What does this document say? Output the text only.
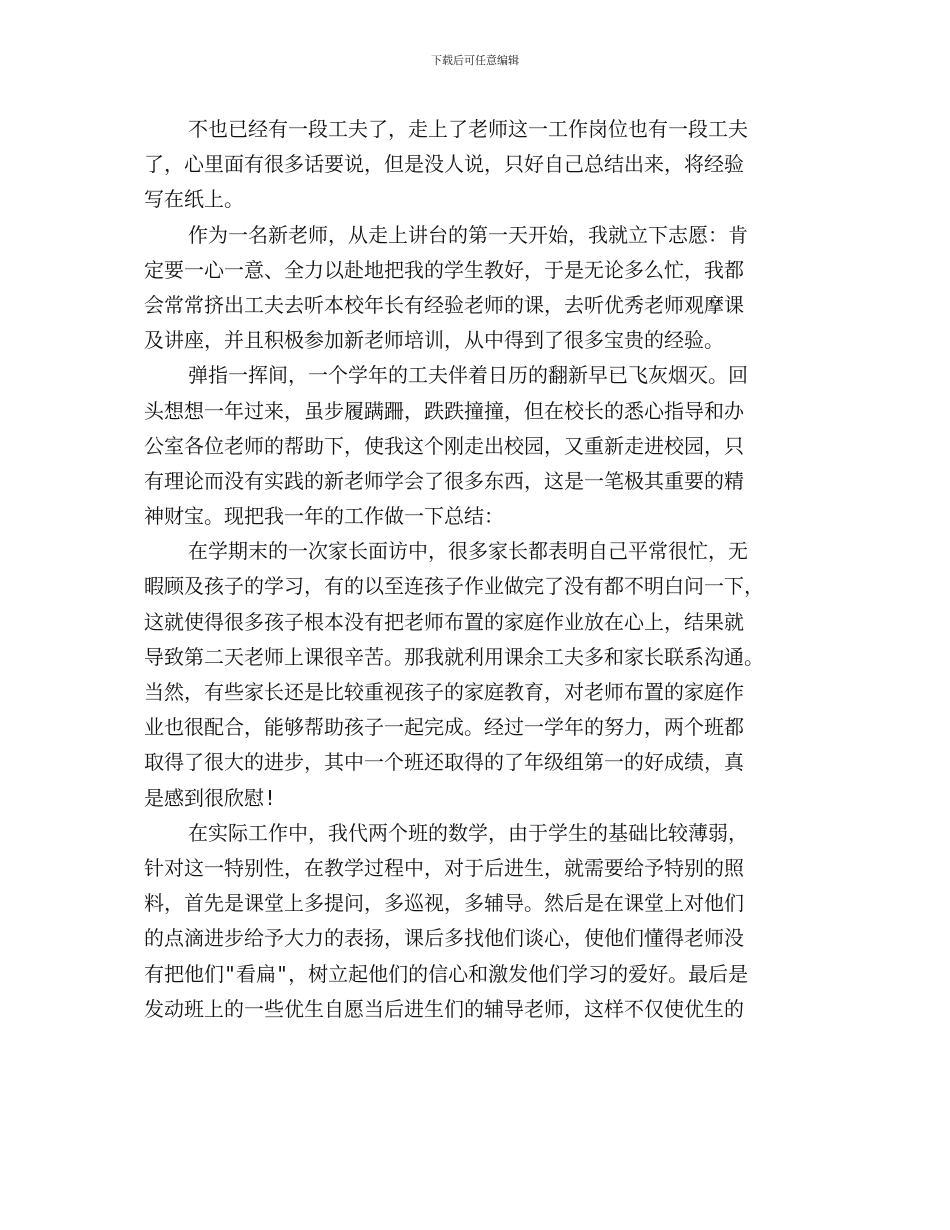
下载后可任意编辑
不也已经有一段工夫了，走上了老师这一工作岗位也有一段工夫
了，心里面有很多话要说，但是没人说，只好自己总结出来，将经验
写在纸上。
作为一名新老师，从走上讲台的第一天开始，我就立下志愿：肯
定要一心一意、全力以赴地把我的学生教好，于是无论多么忙，我都
会常常挤出工夫去听本校年长有经验老师的课，去听优秀老师观摩课
及讲座，并且积极参加新老师培训，从中得到了很多宝贵的经验。
弹指一挥间，一个学年的工夫伴着日历的翻新早已飞灰烟灭。回
头想想一年过来，虽步履蹒跚，跌跌撞撞，但在校长的悉心指导和办
公室各位老师的帮助下，使我这个刚走出校园，又重新走进校园，只
有理论而没有实践的新老师学会了很多东西，这是一笔极其重要的精
神财宝。现把我一年的工作做一下总结：
在学期末的一次家长面访中，很多家长都表明自己平常很忙，无
暇顾及孩子的学习，有的以至连孩子作业做完了没有都不明白问一下，
这就使得很多孩子根本没有把老师布置的家庭作业放在心上，结果就
导致第二天老师上课很辛苦。那我就利用课余工夫多和家长联系沟通。
当然，有些家长还是比较重视孩子的家庭教育，对老师布置的家庭作
业也很配合，能够帮助孩子一起完成。经过一学年的努力，两个班都
取得了很大的进步，其中一个班还取得的了年级组第一的好成绩，真
是感到很欣慰!
在实际工作中，我代两个班的数学，由于学生的基础比较薄弱，
针对这一特别性，在教学过程中，对于后进生，就需要给予特别的照
料，首先是课堂上多提问，多巡视，多辅导。然后是在课堂上对他们
的点滴进步给予大力的表扬，课后多找他们谈心，使他们懂得老师没
有把他们"看扁"，树立起他们的信心和激发他们学习的爱好。最后是
发动班上的一些优生自愿当后进生们的辅导老师，这样不仅使优生的
